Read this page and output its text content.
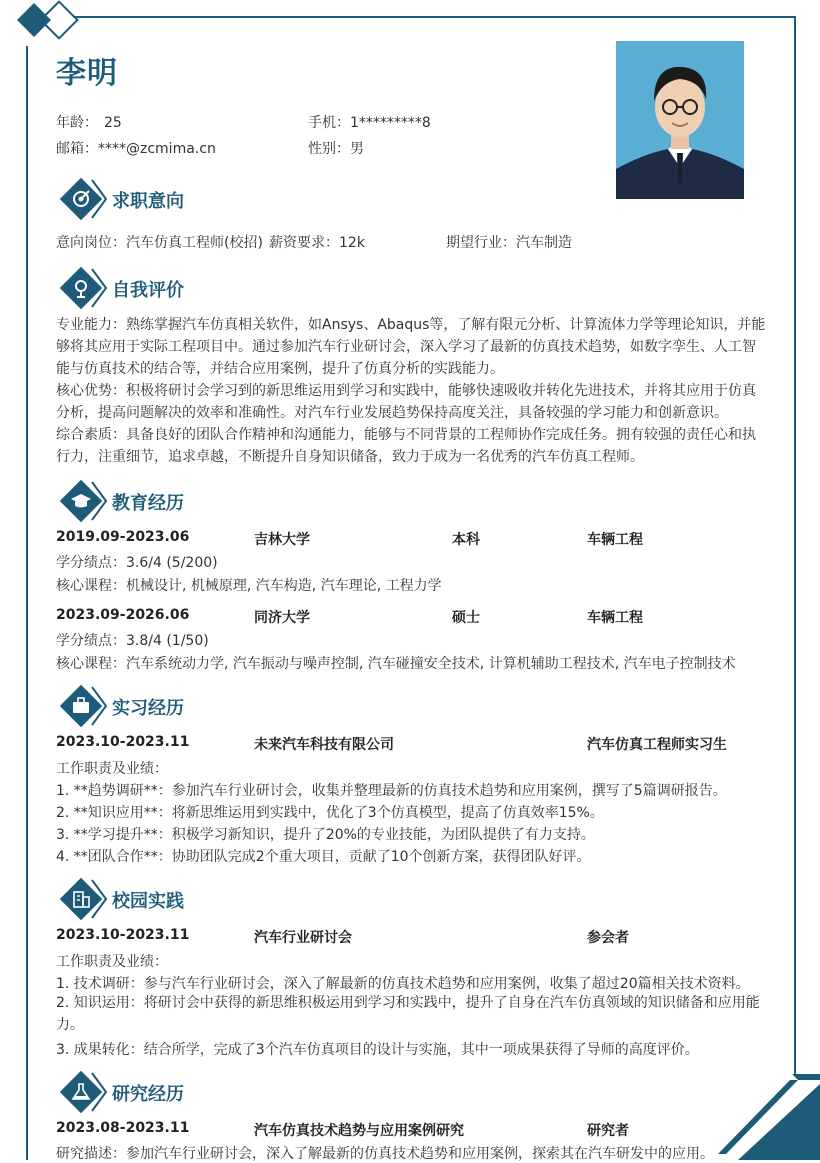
李明
年龄： 25	手机：1*********8
邮箱：****@zcmima.cn	性别：男
求职意向
意向岗位：汽车仿真工程师(校招) 薪资要求：12k	期望行业：汽车制造
自我评价
专业能力：熟练掌握汽车仿真相关软件，如Ansys、Abaqus等，了解有限元分析、计算流体力学等理论知识，并能够将其应用于实际工程项目中。通过参加汽车行业研讨会，深入学习了最新的仿真技术趋势，如数字孪生、人工智能与仿真技术的结合等，并结合应用案例，提升了仿真分析的实践能力。
核心优势：积极将研讨会学习到的新思维运用到学习和实践中，能够快速吸收并转化先进技术，并将其应用于仿真分析，提高问题解决的效率和准确性。对汽车行业发展趋势保持高度关注，具备较强的学习能力和创新意识。
综合素质：具备良好的团队合作精神和沟通能力，能够与不同背景的工程师协作完成任务。拥有较强的责任心和执行力，注重细节，追求卓越，不断提升自身知识储备，致力于成为一名优秀的汽车仿真工程师。
教育经历
2019.09-2023.06	吉林大学	本科	车辆工程
学分绩点：3.6/4 (5/200)
核心课程：机械设计, 机械原理, 汽车构造, 汽车理论, 工程力学
2023.09-2026.06	同济大学	硕士	车辆工程
学分绩点：3.8/4 (1/50)
核心课程：汽车系统动力学, 汽车振动与噪声控制, 汽车碰撞安全技术, 计算机辅助工程技术, 汽车电子控制技术
实习经历
2023.10-2023.11	未来汽车科技有限公司	汽车仿真工程师实习生
工作职责及业绩：
1. **趋势调研**：参加汽车行业研讨会，收集并整理最新的仿真技术趋势和应用案例，撰写了5篇调研报告。
2. **知识应用**：将新思维运用到实践中，优化了3个仿真模型，提高了仿真效率15%。
3. **学习提升**：积极学习新知识，提升了20%的专业技能，为团队提供了有力支持。
4. **团队合作**：协助团队完成2个重大项目，贡献了10个创新方案，获得团队好评。
校园实践
2023.10-2023.11	汽车行业研讨会	参会者
工作职责及业绩：
1. 技术调研：参与汽车行业研讨会，深入了解最新的仿真技术趋势和应用案例，收集了超过20篇相关技术资料。
2. 知识运用：将研讨会中获得的新思维积极运用到学习和实践中，提升了自身在汽车仿真领域的知识储备和应用能力。
3. 成果转化：结合所学，完成了3个汽车仿真项目的设计与实施，其中一项成果获得了导师的高度评价。
研究经历
2023.08-2023.11	汽车仿真技术趋势与应用案例研究	研究者
研究描述：参加汽车行业研讨会，深入了解最新的仿真技术趋势和应用案例，探索其在汽车研发中的应用。
